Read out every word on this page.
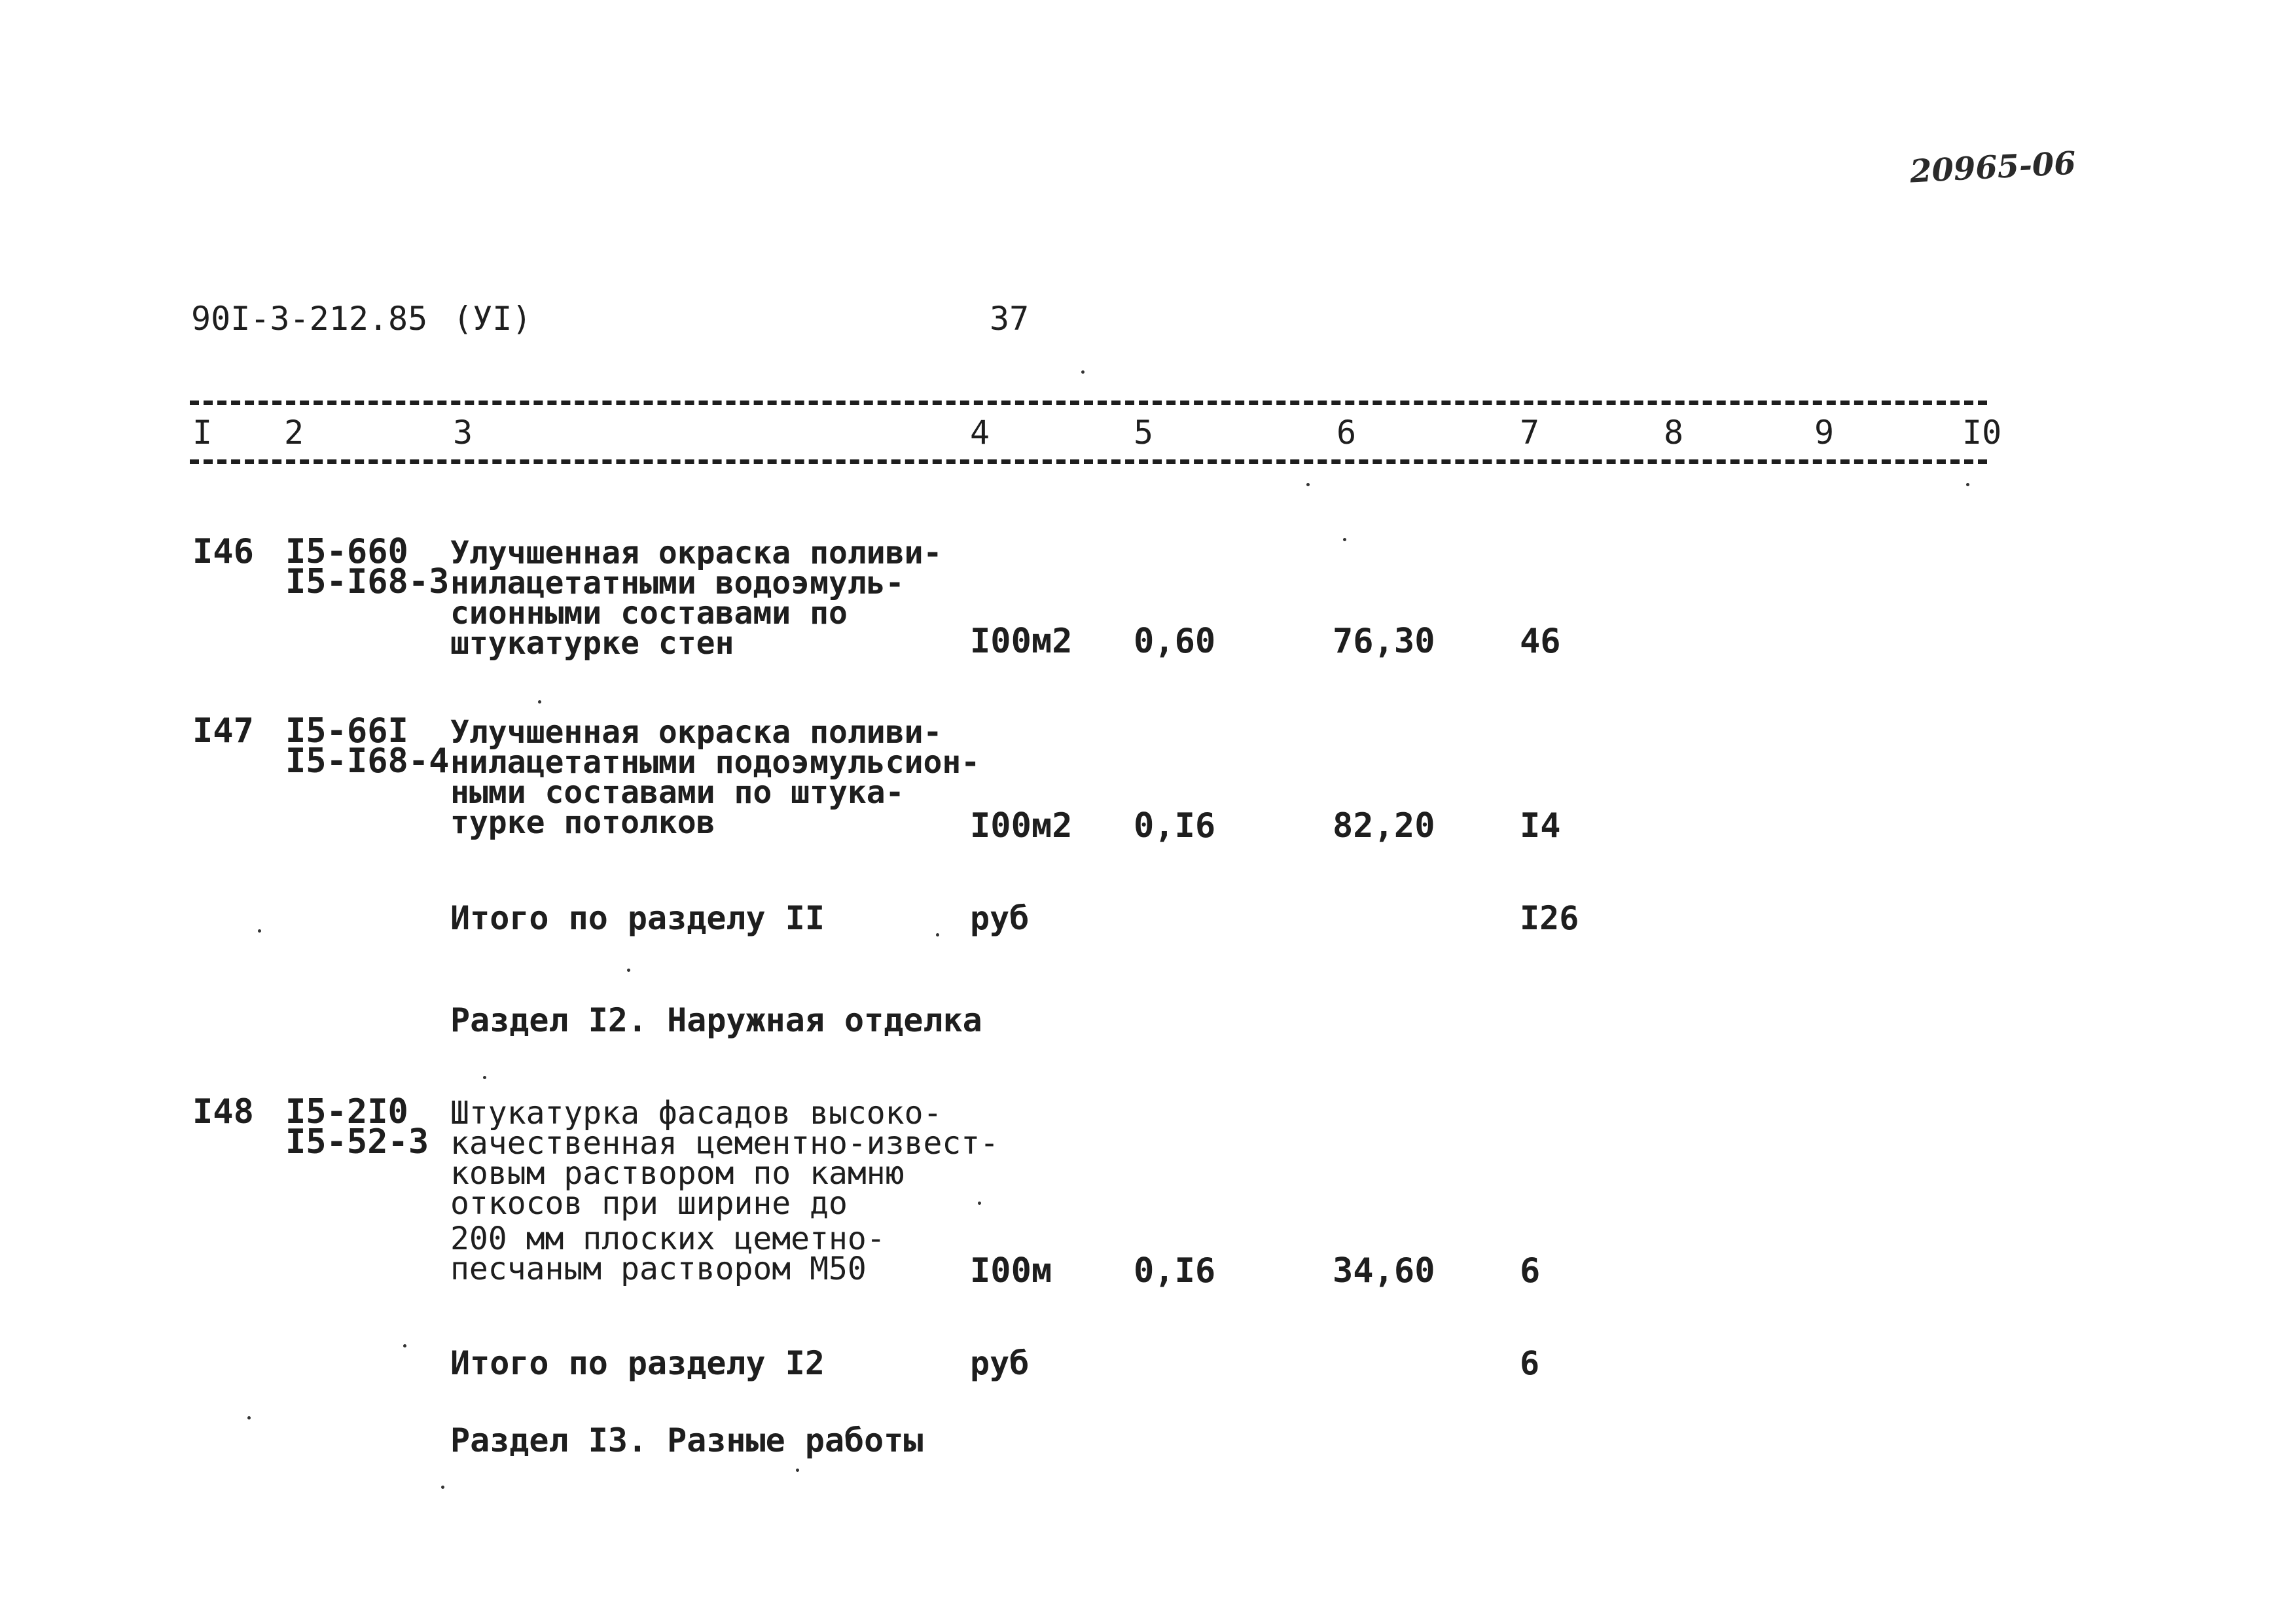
20965-06
90I-3-212.85 (УI)	37
I 2	3	4	5	6	7	8	9	I0
I46 I5-660
I5-I68-3
Улучшенная окраска поливи-
нилацетатными водоэмуль-
сионными составами по
штукатурке стен	I00м2 0,60	76,30 46
I47 I5-66I
I5-I68-4
Улучшенная окраска поливи-
нилацетатными подоэмульсион-
ными составами по штука-
турке потолков	I00м2 0,I6	82,20 I4
Итого по разделу II	руб	I26
Раздел I2. Наружная отделка
I48 I5-2I0
I5-52-3
Штукатурка фасадов высоко-
качественная цементно-извест-
ковым раствором по камню
откосов при ширине до
200 мм плоских цеметно-
песчаным раствором М50	I00м 0,I6	34,60 6
Итого по разделу I2	руб	6
Раздел I3. Разные работы
